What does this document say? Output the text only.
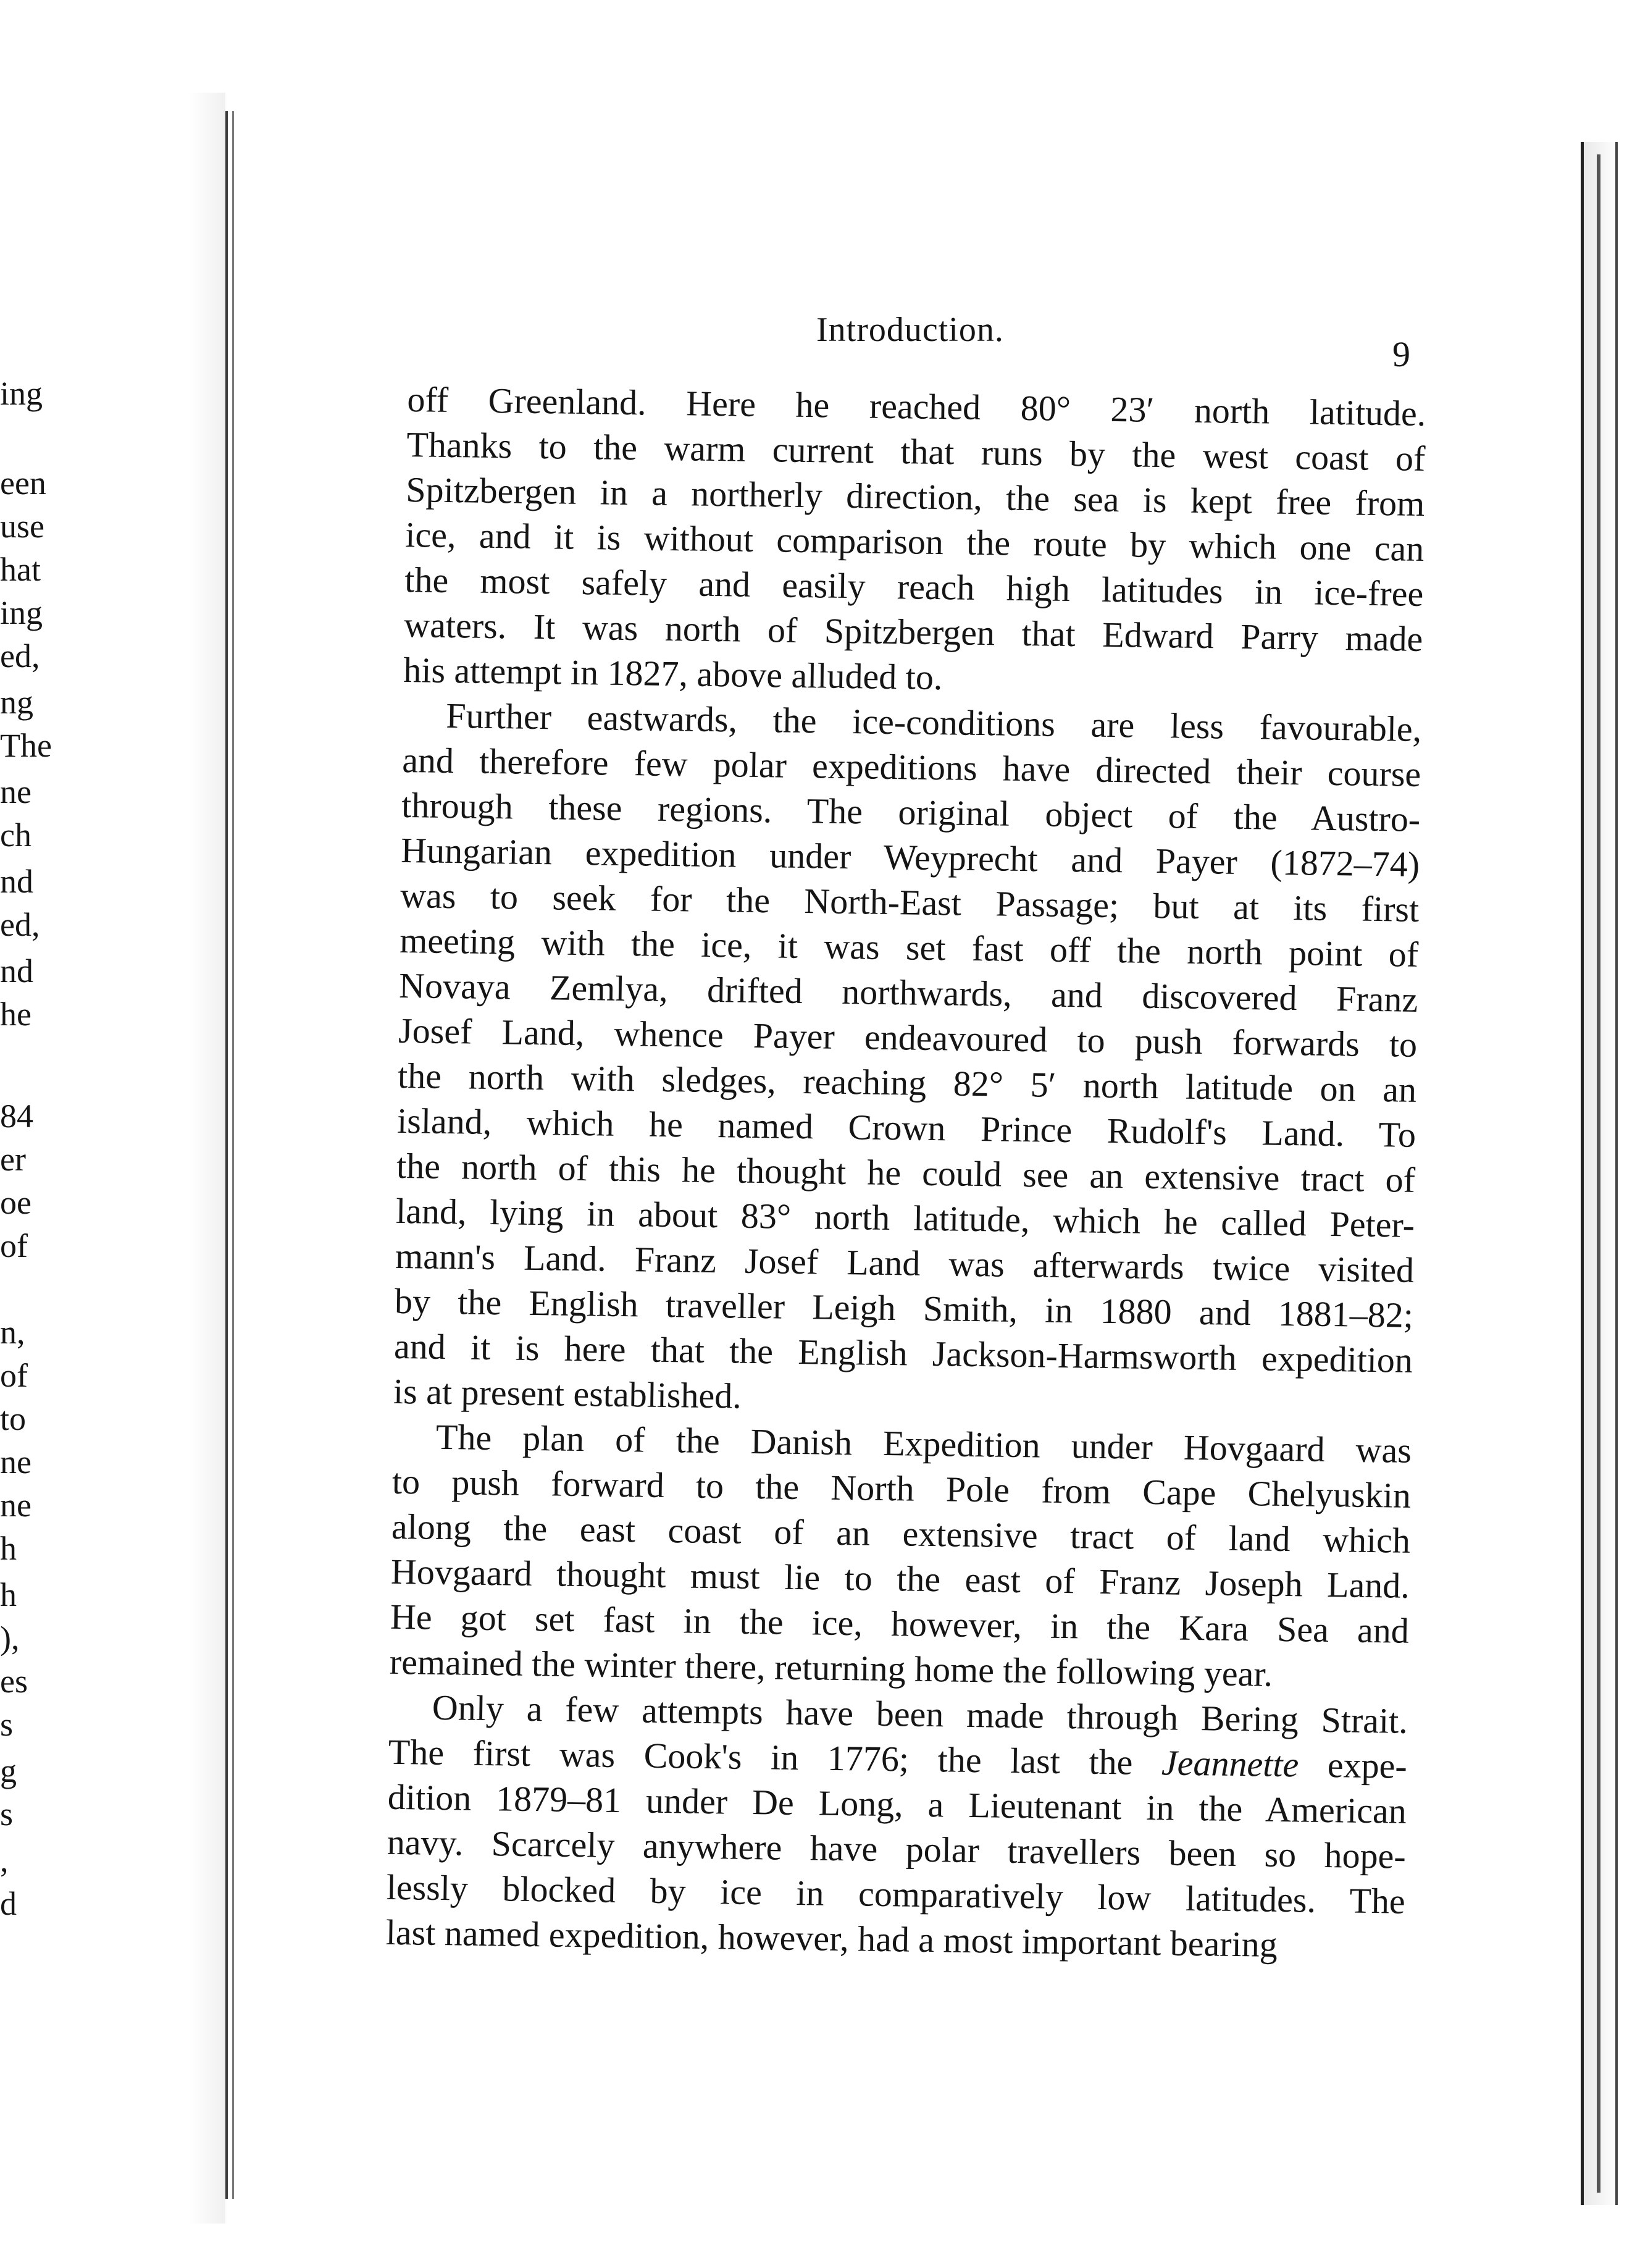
ing
een
use
hat
ing
ed,
ng
The
ne
ch
nd
ed,
nd
he
84
er
oe
of
n,
of
to
ne
ne
h
h
),
es
s
g
s
,
d
Introduction.
9
off Greenland. Here he reached 80° 23′ north latitude.
Thanks to the warm current that runs by the west coast of
Spitzbergen in a northerly direction, the sea is kept free from
ice, and it is without comparison the route by which one can
the most safely and easily reach high latitudes in ice-free
waters. It was north of Spitzbergen that Edward Parry made
his attempt in 1827, above alluded to.
Further eastwards, the ice-conditions are less favourable,
and therefore few polar expeditions have directed their course
through these regions. The original object of the Austro-
Hungarian expedition under Weyprecht and Payer (1872–74)
was to seek for the North-East Passage; but at its first
meeting with the ice, it was set fast off the north point of
Novaya Zemlya, drifted northwards, and discovered Franz
Josef Land, whence Payer endeavoured to push forwards to
the north with sledges, reaching 82° 5′ north latitude on an
island, which he named Crown Prince Rudolf's Land. To
the north of this he thought he could see an extensive tract of
land, lying in about 83° north latitude, which he called Peter-
mann's Land. Franz Josef Land was afterwards twice visited
by the English traveller Leigh Smith, in 1880 and 1881–82;
and it is here that the English Jackson-Harmsworth expedition
is at present established.
The plan of the Danish Expedition under Hovgaard was
to push forward to the North Pole from Cape Chelyuskin
along the east coast of an extensive tract of land which
Hovgaard thought must lie to the east of Franz Joseph Land.
He got set fast in the ice, however, in the Kara Sea and
remained the winter there, returning home the following year.
Only a few attempts have been made through Bering Strait.
The first was Cook's in 1776; the last the Jeannette expe-
dition 1879–81 under De Long, a Lieutenant in the American
navy. Scarcely anywhere have polar travellers been so hope-
lessly blocked by ice in comparatively low latitudes. The
last named expedition, however, had a most important bearing
